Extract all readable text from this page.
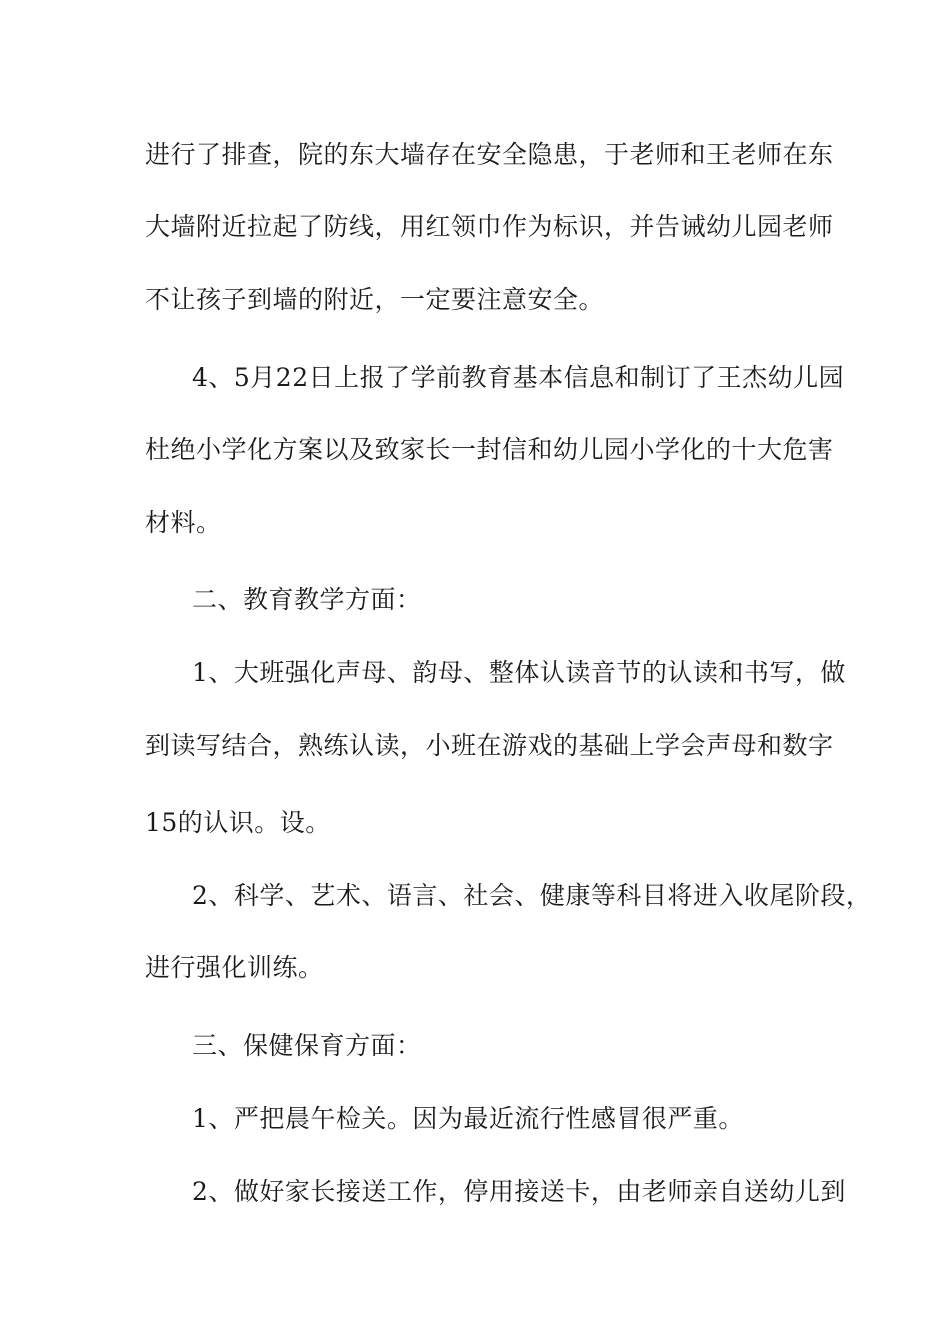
进行了排查，院的东大墙存在安全隐患，于老师和王老师在东
大墙附近拉起了防线，用红领巾作为标识，并告诫幼儿园老师
不让孩子到墙的附近，一定要注意安全。
4、5月22日上报了学前教育基本信息和制订了王杰幼儿园
杜绝小学化方案以及致家长一封信和幼儿园小学化的十大危害
材料。
二、教育教学方面：
1、大班强化声母、韵母、整体认读音节的认读和书写，做
到读写结合，熟练认读，小班在游戏的基础上学会声母和数字
15的认识。设。
2、科学、艺术、语言、社会、健康等科目将进入收尾阶段，
进行强化训练。
三、保健保育方面：
1、严把晨午检关。因为最近流行性感冒很严重。
2、做好家长接送工作，停用接送卡，由老师亲自送幼儿到
